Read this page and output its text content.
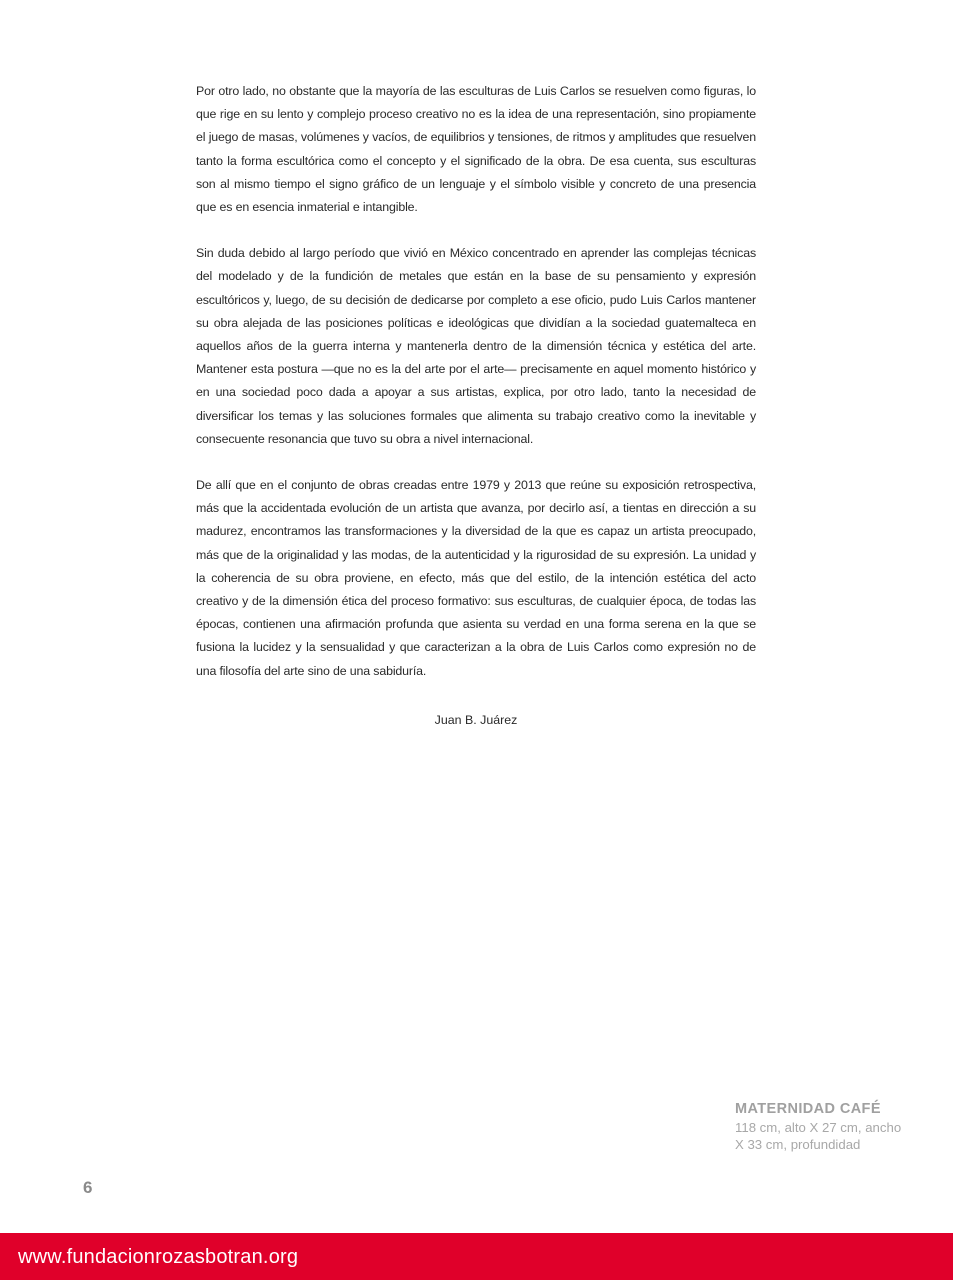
Por otro lado, no obstante que la mayoría de las esculturas de Luis Carlos se resuelven como figuras, lo que rige en su lento y complejo proceso creativo no es la idea de una representación, sino propiamente el juego de masas, volúmenes y vacíos, de equilibrios y tensiones, de ritmos y amplitudes que resuelven tanto la forma escultórica como el concepto y el significado de la obra. De esa cuenta, sus esculturas son al mismo tiempo el signo gráfico de un lenguaje y el símbolo visible y concreto de una presencia que es en esencia inmaterial e intangible.

Sin duda debido al largo período que vivió en México concentrado en aprender las complejas técnicas del modelado y de la fundición de metales que están en la base de su pensamiento y expresión escultóricos y, luego, de su decisión de dedicarse por completo a ese oficio, pudo Luis Carlos mantener su obra alejada de las posiciones políticas e ideológicas que dividían a la sociedad guatemalteca en aquellos años de la guerra interna y mantenerla dentro de la dimensión técnica y estética del arte. Mantener esta postura —que no es la del arte por el arte— precisamente en aquel momento histórico y en una sociedad poco dada a apoyar a sus artistas, explica, por otro lado, tanto la necesidad de diversificar los temas y las soluciones formales que alimenta su trabajo creativo como la inevitable y consecuente resonancia que tuvo su obra a nivel internacional.

De allí que en el conjunto de obras creadas entre 1979 y 2013 que reúne su exposición retrospectiva, más que la accidentada evolución de un artista que avanza, por decirlo así, a tientas en dirección a su madurez, encontramos las transformaciones y la diversidad de la que es capaz un artista preocupado, más que de la originalidad y las modas, de la autenticidad y la rigurosidad de su expresión. La unidad y la coherencia de su obra proviene, en efecto, más que del estilo, de la intención estética del acto creativo y de la dimensión ética del proceso formativo: sus esculturas, de cualquier época, de todas las épocas, contienen una afirmación profunda que asienta su verdad en una forma serena en la que se fusiona la lucidez y la sensualidad y que caracterizan a la obra de Luis Carlos como expresión no de una filosofía del arte sino de una sabiduría.

Juan B. Juárez

MATERNIDAD CAFÉ

118 cm, alto X 27 cm, ancho

X 33 cm, profundidad

6

www.fundacionrozasbotran.org
